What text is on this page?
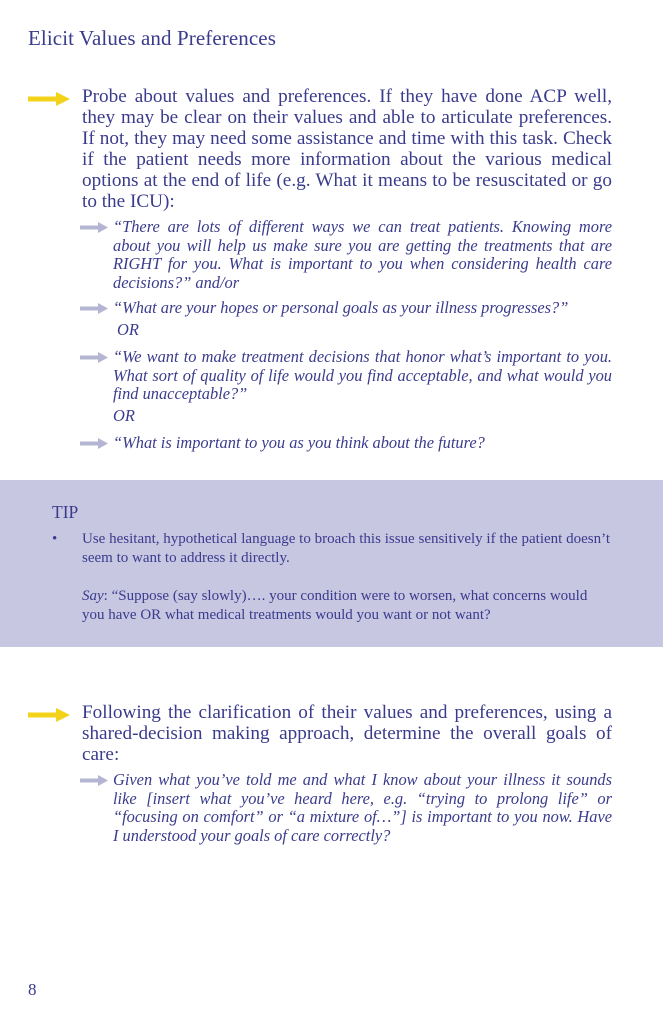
Elicit Values and Preferences

Probe about values and preferences. If they have done ACP well, they may be clear on their values and able to articulate preferences. If not, they may need some assistance and time with this task. Check if the patient needs more information about the various medical options at the end of life (e.g. What it means to be resuscitated or go to the ICU):

“There are lots of different ways we can treat patients. Knowing more about you will help us make sure you are getting the treatments that are RIGHT for you. What is important to you when considering health care decisions?” and/or

“What are your hopes or personal goals as your illness progresses?”

OR

“We want to make treatment decisions that honor what’s important to you. What sort of quality of life would you find acceptable, and what would you find unacceptable?”

OR

“What is important to you as you think about the future?

TIP
• Use hesitant, hypothetical language to broach this issue sensitively if the patient doesn’t seem to want to address it directly.

Say: “Suppose (say slowly)…. your condition were to worsen, what concerns would you have OR what medical treatments would you want or not want?

Following the clarification of their values and preferences, using a shared-decision making approach, determine the overall goals of care:

Given what you’ve told me and what I know about your illness it sounds like [insert what you’ve heard here, e.g. “trying to prolong life” or “focusing on comfort” or “a mixture of…”] is important to you now. Have I understood your goals of care correctly?

8
